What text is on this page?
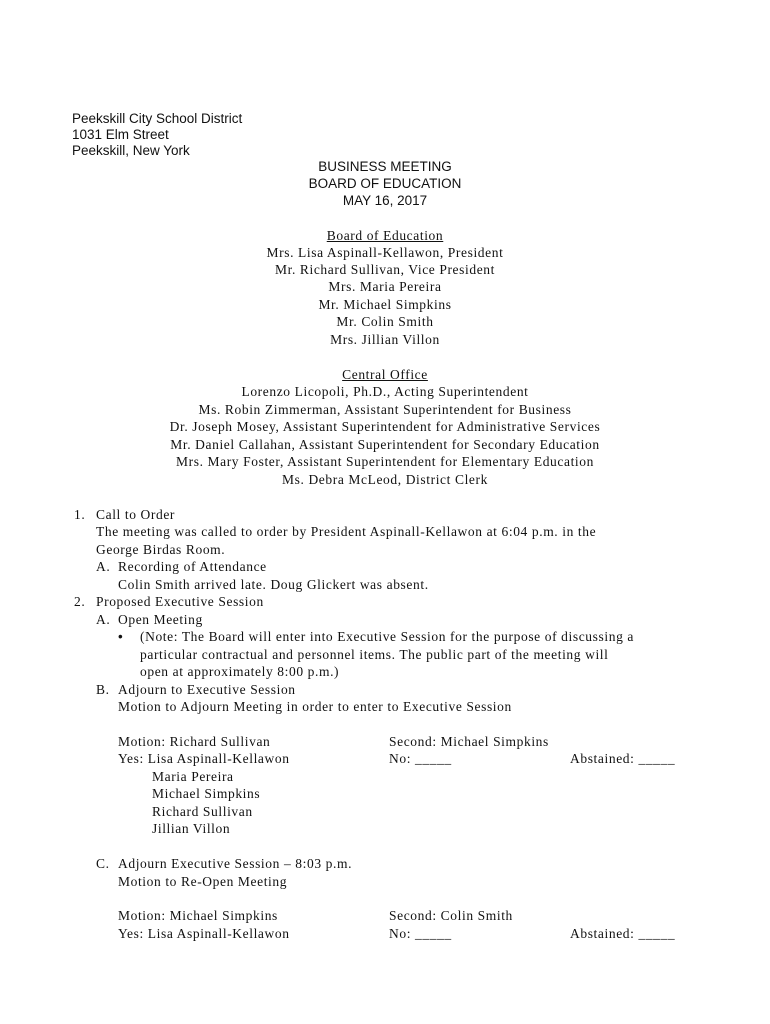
Peekskill City School District
1031 Elm Street
Peekskill, New York
BUSINESS MEETING
BOARD OF EDUCATION
MAY 16, 2017
Board of Education
Mrs. Lisa Aspinall-Kellawon, President
Mr. Richard Sullivan, Vice President
Mrs. Maria Pereira
Mr. Michael Simpkins
Mr. Colin Smith
Mrs. Jillian Villon
Central Office
Lorenzo Licopoli, Ph.D., Acting Superintendent
Ms. Robin Zimmerman, Assistant Superintendent for Business
Dr. Joseph Mosey, Assistant Superintendent for Administrative Services
Mr. Daniel Callahan, Assistant Superintendent for Secondary Education
Mrs. Mary Foster, Assistant Superintendent for Elementary Education
Ms. Debra McLeod, District Clerk
1. Call to Order
The meeting was called to order by President Aspinall-Kellawon at 6:04 p.m. in the
George Birdas Room.
A. Recording of Attendance
Colin Smith arrived late. Doug Glickert was absent.
2. Proposed Executive Session
A. Open Meeting
• (Note: The Board will enter into Executive Session for the purpose of discussing a
particular contractual and personnel items. The public part of the meeting will
open at approximately 8:00 p.m.)
B. Adjourn to Executive Session
Motion to Adjourn Meeting in order to enter to Executive Session
Motion: Richard Sullivan	Second: Michael Simpkins
Yes: Lisa Aspinall-Kellawon	No: _____	Abstained: _____
Maria Pereira
Michael Simpkins
Richard Sullivan
Jillian Villon
C. Adjourn Executive Session – 8:03 p.m.
Motion to Re-Open Meeting
Motion: Michael Simpkins	Second: Colin Smith
Yes: Lisa Aspinall-Kellawon	No: _____	Abstained: _____
